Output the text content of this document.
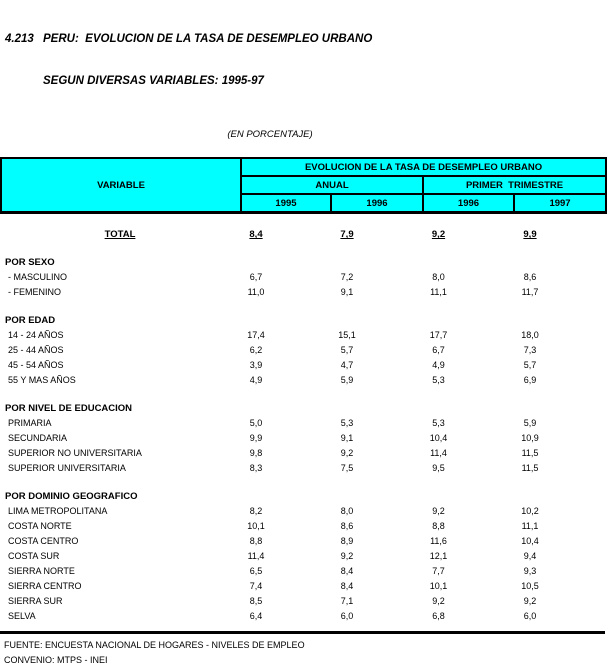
4.213 PERU:  EVOLUCION DE LA TASA DE DESEMPLEO URBANO

SEGUN DIVERSAS VARIABLES: 1995-97

(EN PORCENTAJE)
VARIABLE	EVOLUCION DE LA TASA DE DESEMPLEO URBANO			
	ANUAL		PRIMER  TRIMESTRE	
	1995	1996	1996	1997
TOTAL	8,4	7,9	9,2	9,9
POR SEXO
- MASCULINO	6,7	7,2	8,0	8,6
- FEMENINO	11,0	9,1	11,1	11,7
POR EDAD
14 - 24 AÑOS	17,4	15,1	17,7	18,0
25 - 44 AÑOS	6,2	5,7	6,7	7,3
45 - 54 AÑOS	3,9	4,7	4,9	5,7
55 Y MAS AÑOS	4,9	5,9	5,3	6,9
POR NIVEL DE EDUCACION
PRIMARIA	5,0	5,3	5,3	5,9
SECUNDARIA	9,9	9,1	10,4	10,9
SUPERIOR NO UNIVERSITARIA	9,8	9,2	11,4	11,5
SUPERIOR UNIVERSITARIA	8,3	7,5	9,5	11,5
POR DOMINIO GEOGRAFICO
LIMA METROPOLITANA	8,2	8,0	9,2	10,2
COSTA NORTE	10,1	8,6	8,8	11,1
COSTA CENTRO	8,8	8,9	11,6	10,4
COSTA SUR	11,4	9,2	12,1	9,4
SIERRA NORTE	6,5	8,4	7,7	9,3
SIERRA CENTRO	7,4	8,4	10,1	10,5
SIERRA SUR	8,5	7,1	9,2	9,2
SELVA	6,4	6,0	6,8	6,0
FUENTE: ENCUESTA NACIONAL DE HOGARES - NIVELES DE EMPLEO
CONVENIO: MTPS - INEI
